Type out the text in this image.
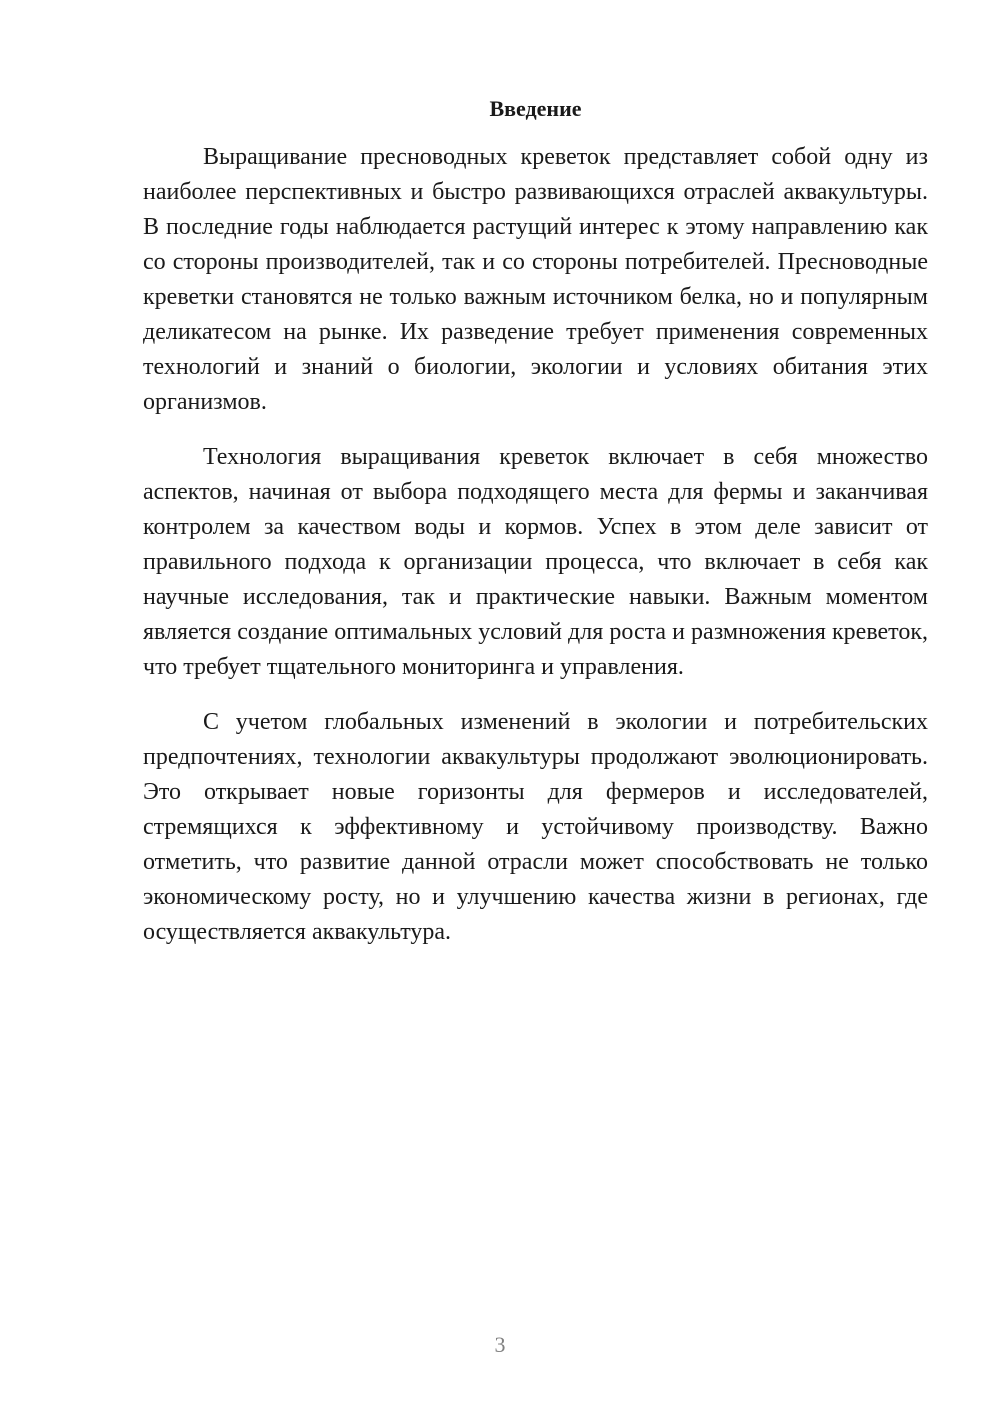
Введение

Выращивание пресноводных креветок представляет собой одну из наиболее перспективных и быстро развивающихся отраслей аквакультуры. В последние годы наблюдается растущий интерес к этому направлению как со стороны производителей, так и со стороны потребителей. Пресноводные креветки становятся не только важным источником белка, но и популярным деликатесом на рынке. Их разведение требует применения современных технологий и знаний о биологии, экологии и условиях обитания этих организмов.

Технология выращивания креветок включает в себя множество аспектов, начиная от выбора подходящего места для фермы и заканчивая контролем за качеством воды и кормов. Успех в этом деле зависит от правильного подхода к организации процесса, что включает в себя как научные исследования, так и практические навыки. Важным моментом является создание оптимальных условий для роста и размножения креветок, что требует тщательного мониторинга и управления.

С учетом глобальных изменений в экологии и потребительских предпочтениях, технологии аквакультуры продолжают эволюционировать. Это открывает новые горизонты для фермеров и исследователей, стремящихся к эффективному и устойчивому производству. Важно отметить, что развитие данной отрасли может способствовать не только экономическому росту, но и улучшению качества жизни в регионах, где осуществляется аквакультура.

3
